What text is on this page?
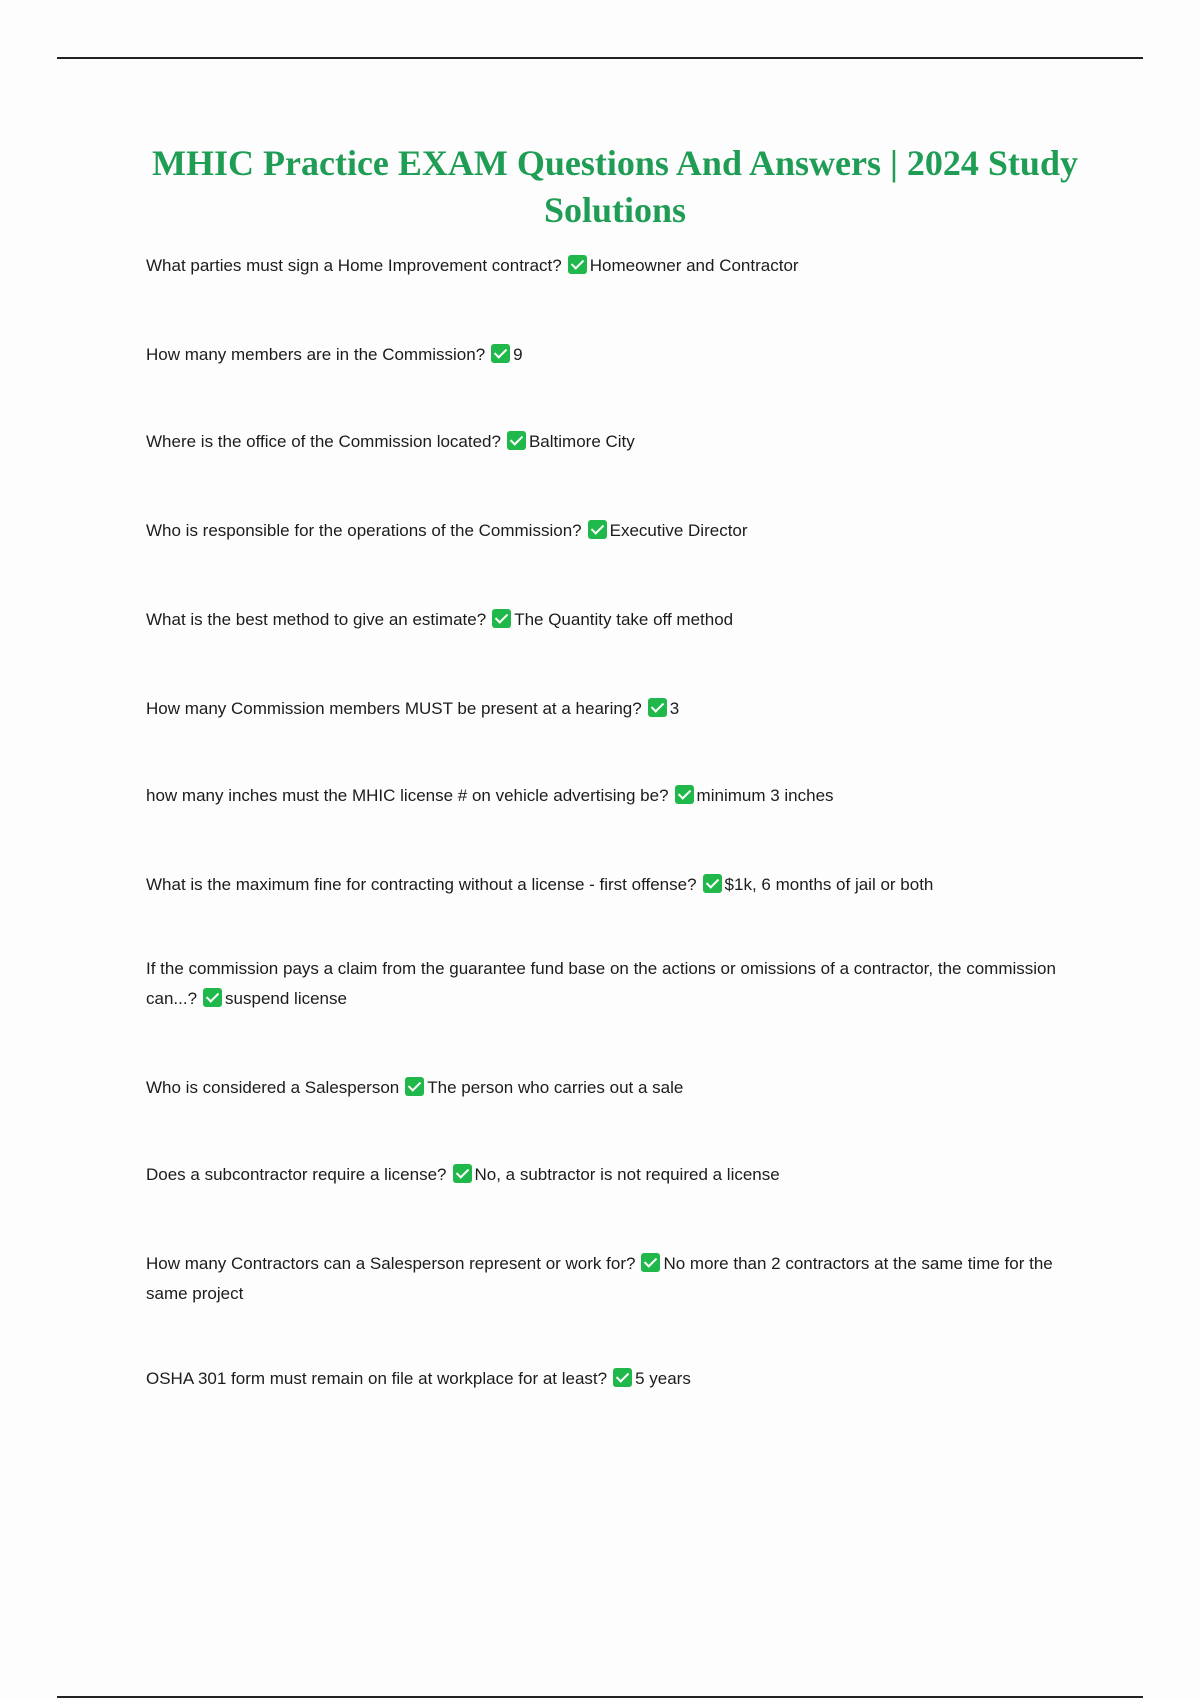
MHIC Practice EXAM Questions And Answers | 2024 Study Solutions

What parties must sign a Home Improvement contract? Homeowner and Contractor

How many members are in the Commission? 9

Where is the office of the Commission located? Baltimore City

Who is responsible for the operations of the Commission? Executive Director

What is the best method to give an estimate? The Quantity take off method

How many Commission members MUST be present at a hearing? 3

how many inches must the MHIC license # on vehicle advertising be? minimum 3 inches

What is the maximum fine for contracting without a license - first offense? $1k, 6 months of jail or both

If the commission pays a claim from the guarantee fund base on the actions or omissions of a contractor, the commission can...? suspend license

Who is considered a Salesperson The person who carries out a sale

Does a subcontractor require a license? No, a subtractor is not required a license

How many Contractors can a Salesperson represent or work for? No more than 2 contractors at the same time for the same project

OSHA 301 form must remain on file at workplace for at least? 5 years
